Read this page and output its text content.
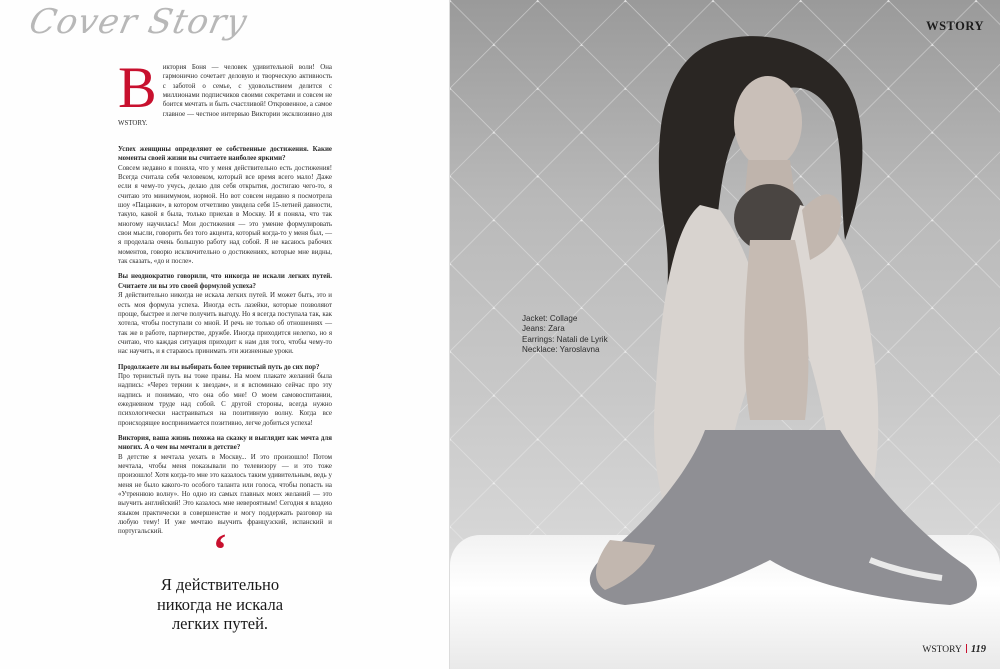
Cover Story

Виктория Боня — человек удивительной воли! Она гармонично сочетает деловую и творческую активность с заботой о семье, с удовольствием делится с миллионами подписчиков своими секретами и совсем не боится мечтать и быть счастливой! Откровенное, а самое главное — честное интервью Виктории эксклюзивно для WSTORY.

Успех женщины определяют ее собственные достижения. Какие моменты своей жизни вы считаете наиболее яркими?
Совсем недавно я поняла, что у меня действительно есть достижения! Всегда считала себя человеком, который все время всего мало! Даже если я чему-то учусь, делаю для себя открытия, достигаю чего-то, я считаю это минимумом, нормой. Но вот совсем недавно я посмотрела шоу «Пацанки», в котором отчетливо увидела себя 15-летней давности, такую, какой я была, только приехав в Москву. И я поняла, что так многому научилась! Мои достижения — это умение формулировать свои мысли, говорить без того акцента, который когда-то у меня был, — я проделала очень большую работу над собой. Я не касаюсь рабочих моментов, говорю исключительно о достижениях, которые мне видны, так сказать, «до и после».

Вы неоднократно говорили, что никогда не искали легких путей. Считаете ли вы это своей формулой успеха?
Я действительно никогда не искала легких путей. И может быть, это и есть моя формула успеха. Иногда есть лазейки, которые позволяют проще, быстрее и легче получить выгоду. Но я всегда поступала так, как хотела, чтобы поступали со мной. И речь не только об отношениях — так же в работе, партнерстве, дружбе. Иногда приходится нелегко, но я считаю, что каждая ситуация приходит к нам для того, чтобы чему-то нас научить, и я стараюсь принимать эти жизненные уроки.

Продолжаете ли вы выбирать более тернистый путь до сих пор?
Про тернистый путь вы тоже правы. На моем плакате желаний была надпись: «Через тернии к звездам», и я вспоминаю сейчас про эту надпись и понимаю, что она обо мне! О моем самовоспитании, ежедневном труде над собой. С другой стороны, всегда нужно психологически настраиваться на позитивную волну. Когда все происходящее воспринимается позитивно, легче добиться успеха!

Виктория, ваша жизнь похожа на сказку и выглядит как мечта для многих. А о чем вы мечтали в детстве?
В детстве я мечтала уехать в Москву... И это произошло! Потом мечтала, чтобы меня показывали по телевизору — и это тоже произошло! Хотя когда-то мне это казалось таким удивительным, ведь у меня не было какого-то особого таланта или голоса, чтобы попасть на «Утреннюю волну». Но одно из самых главных моих желаний — это выучить английский! Это казалось мне невероятным! Сегодня я владею языком практически в совершенстве и могу поддержать разговор на любую тему! И уже мечтаю выучить французский, испанский и португальский.	‘
Я действительно никогда не искала легких путей.
WSTORY
Jacket: Collage
Jeans: Zara
Earrings: Natali de Lyrik
Necklace: Yaroslavna
WSTORY 119
